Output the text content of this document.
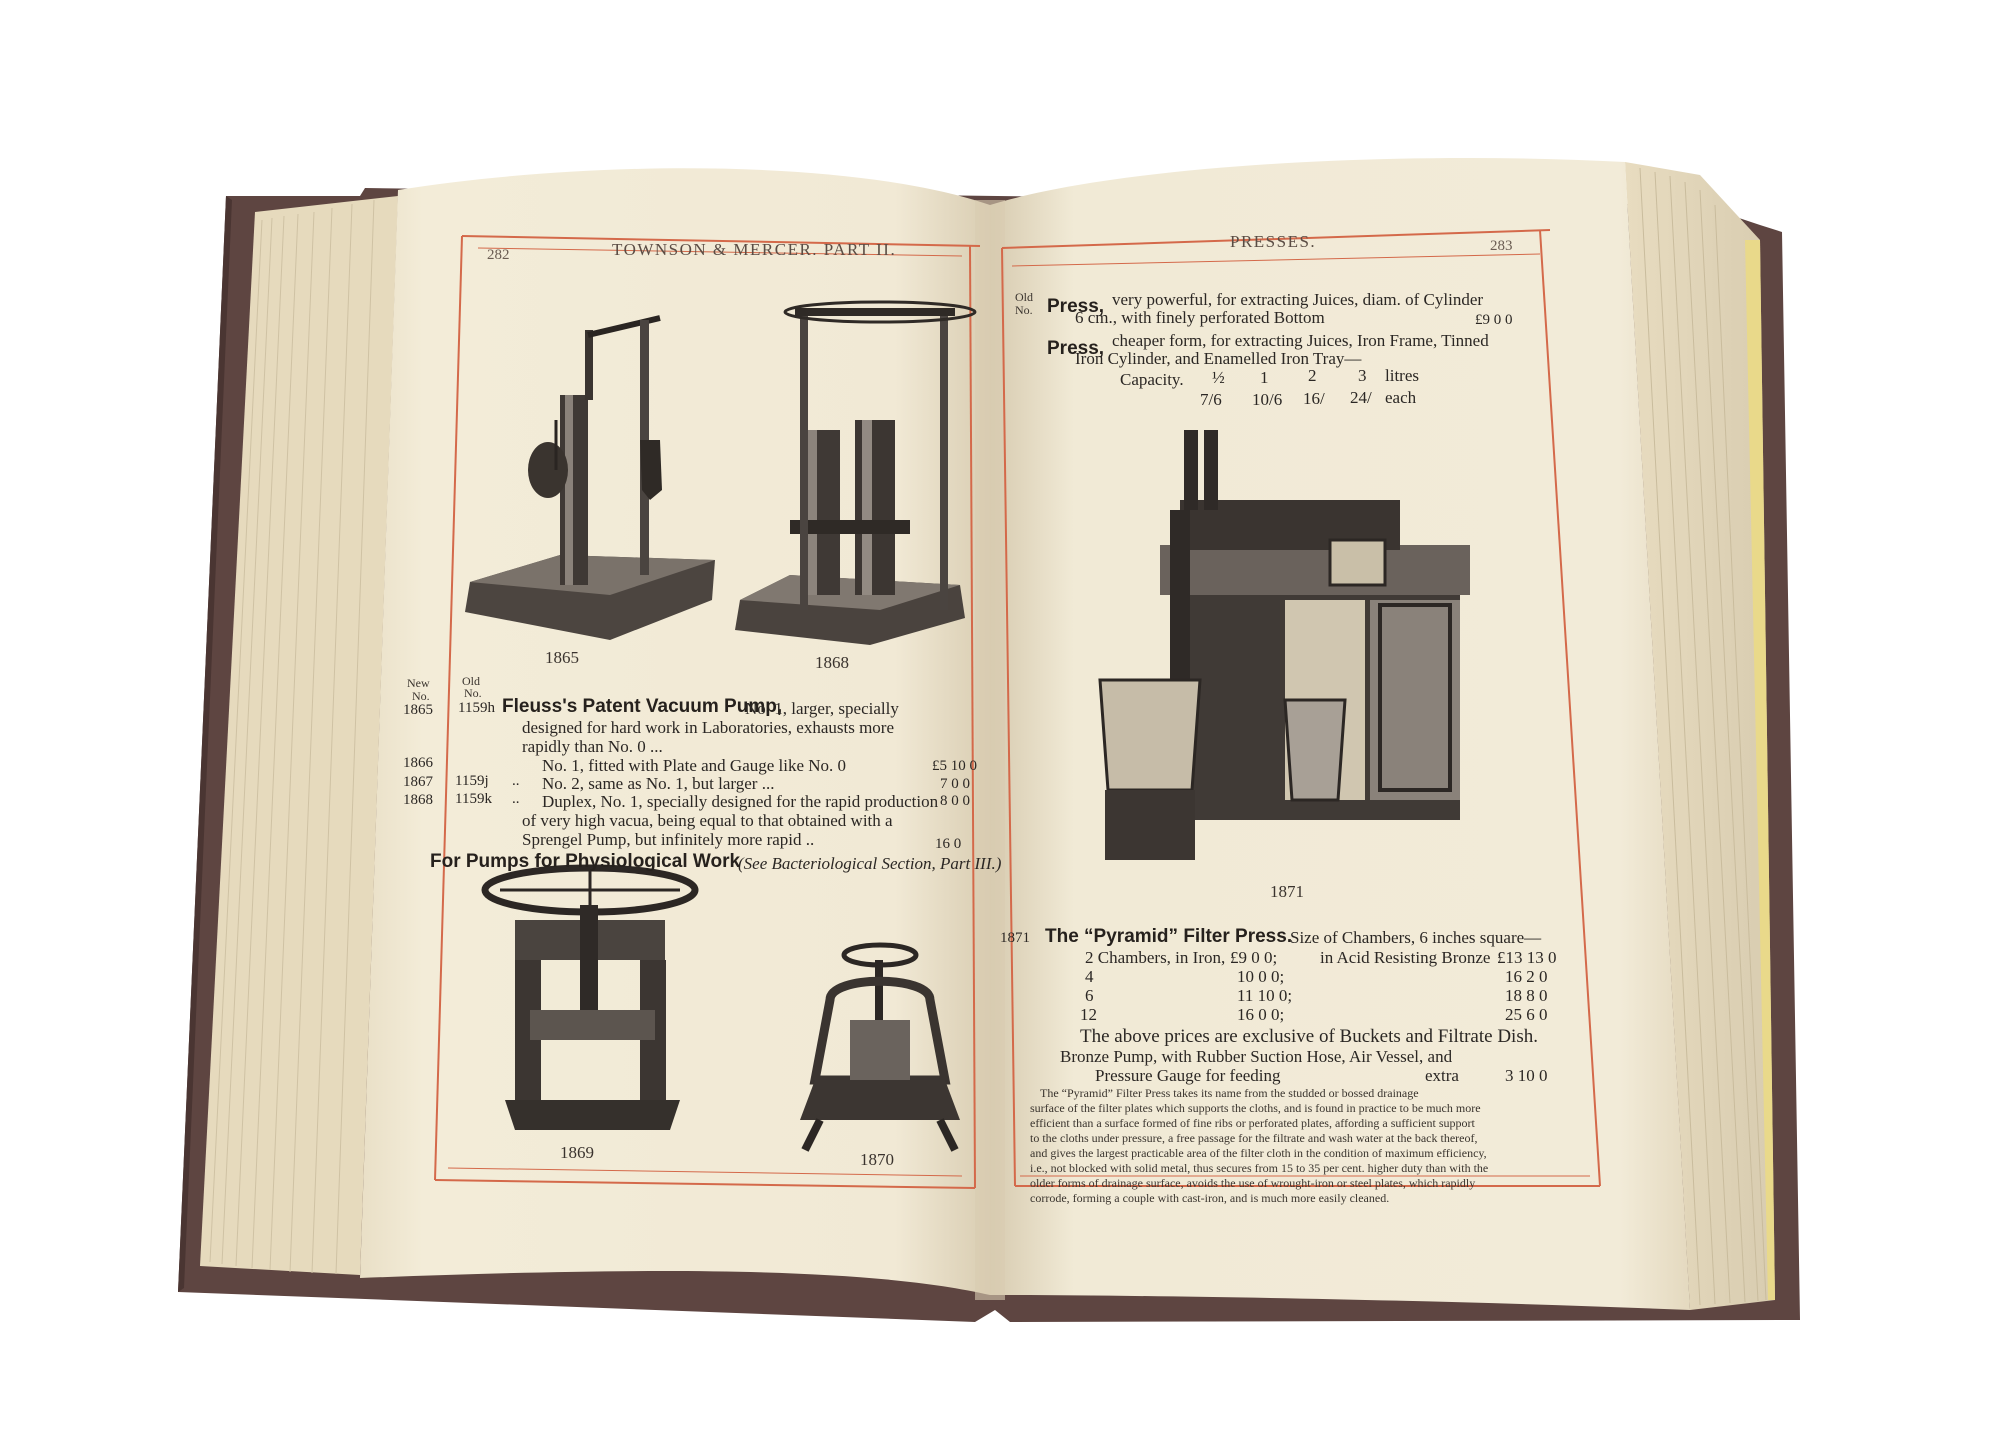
282	TOWNSON & MERCER. PART II.
1865	1868
New
No.
Old
No.
1865 1159h Fleuss's Patent Vacuum Pump,
No. 1, larger, specially
designed for hard work in Laboratories, exhausts more
rapidly than No. 0 ...
1866	No. 1, fitted with Plate and Gauge like No. 0	£5 10 0
1867 1159j .. No. 2, same as No. 1, but larger ...	7 0 0
1868 1159k .. Duplex, No. 1, specially designed for the rapid production 8 0 0
of very high vacua, being equal to that obtained with a
Sprengel Pump, but infinitely more rapid ..	16 0
For Pumps for Physiological Work
(See Bacteriological Section, Part III.)
1869	1870
PRESSES.	283
Old
No. Press, very powerful, for extracting Juices, diam. of Cylinder
6 cm., with finely perforated Bottom	£9 0 0
Press, cheaper form, for extracting Juices, Iron Frame, Tinned
Iron Cylinder, and Enamelled Iron Tray—
Capacity. ½ 1 2 3 litres
7/6 10/6 16/ 24/ each
1871
1871 The “Pyramid” Filter Press.
Size of Chambers, 6 inches square—
2 Chambers, in Iron, £9 0 0;	in Acid Resisting Bronze £13 13 0
4	10 0 0;	16 2 0
6	11 10 0;	18 8 0
12	16 0 0;	25 6 0
The above prices are exclusive of Buckets and Filtrate Dish.
Bronze Pump, with Rubber Suction Hose, Air Vessel, and
Pressure Gauge for feeding	extra	3 10 0
The “Pyramid” Filter Press takes its name from the studded or bossed drainage
surface of the filter plates which supports the cloths, and is found in practice to be much more
efficient than a surface formed of fine ribs or perforated plates, affording a sufficient support
to the cloths under pressure, a free passage for the filtrate and wash water at the back thereof,
and gives the largest practicable area of the filter cloth in the condition of maximum efficiency,
i.e., not blocked with solid metal, thus secures from 15 to 35 per cent. higher duty than with the
older forms of drainage surface, avoids the use of wrought-iron or steel plates, which rapidly
corrode, forming a couple with cast-iron, and is much more easily cleaned.
